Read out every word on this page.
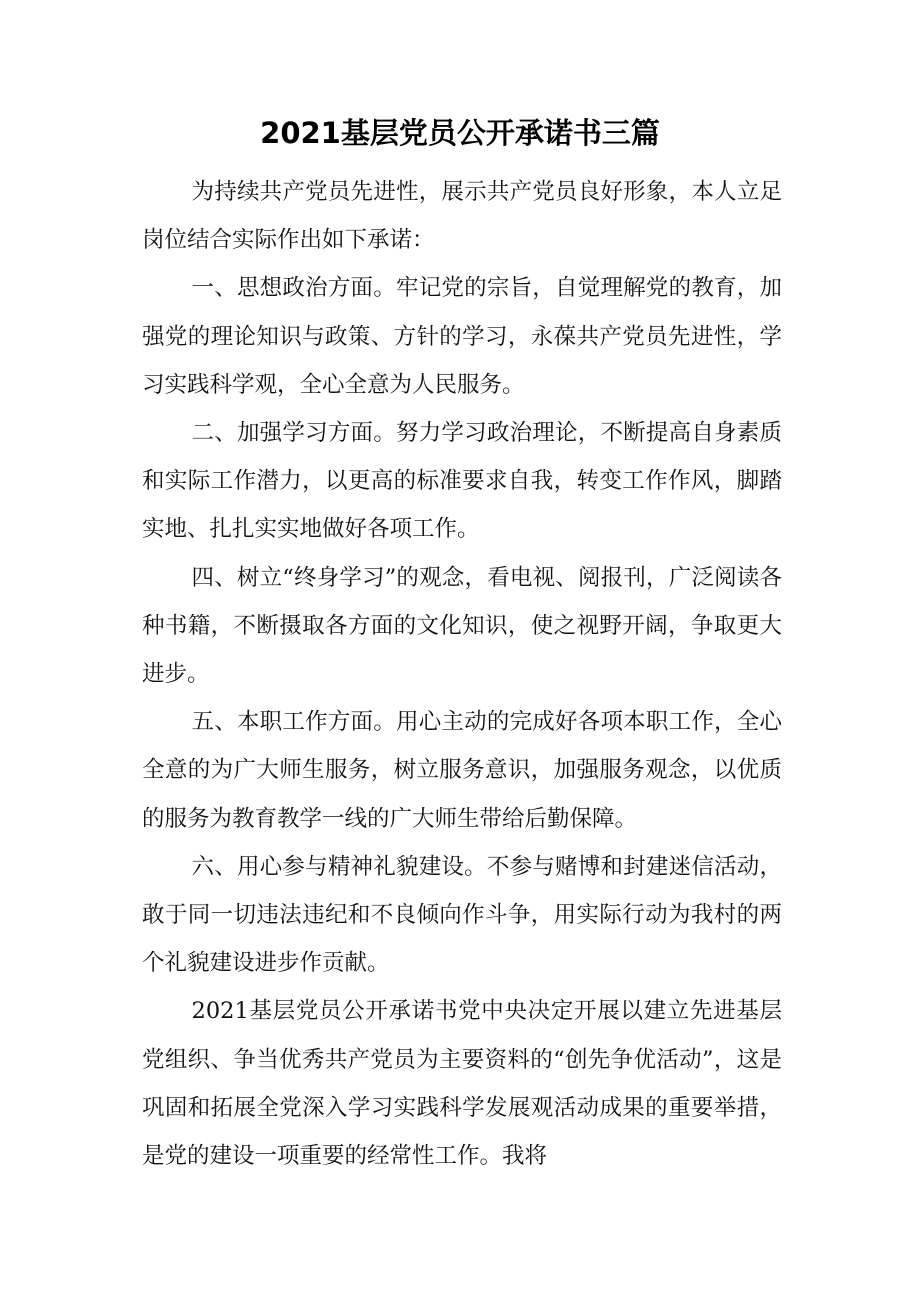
2021基层党员公开承诺书三篇

为持续共产党员先进性，展示共产党员良好形象，本人立足岗位结合实际作出如下承诺：

一、思想政治方面。牢记党的宗旨，自觉理解党的教育，加强党的理论知识与政策、方针的学习，永葆共产党员先进性，学习实践科学观，全心全意为人民服务。

二、加强学习方面。努力学习政治理论，不断提高自身素质和实际工作潜力，以更高的标准要求自我，转变工作作风，脚踏实地、扎扎实实地做好各项工作。

四、树立“终身学习”的观念，看电视、阅报刊，广泛阅读各种书籍，不断摄取各方面的文化知识，使之视野开阔，争取更大进步。

五、本职工作方面。用心主动的完成好各项本职工作，全心全意的为广大师生服务，树立服务意识，加强服务观念，以优质的服务为教育教学一线的广大师生带给后勤保障。

六、用心参与精神礼貌建设。不参与赌博和封建迷信活动，敢于同一切违法违纪和不良倾向作斗争，用实际行动为我村的两个礼貌建设进步作贡献。

2021基层党员公开承诺书党中央决定开展以建立先进基层党组织、争当优秀共产党员为主要资料的“创先争优活动”，这是巩固和拓展全党深入学习实践科学发展观活动成果的重要举措，是党的建设一项重要的经常性工作。我将
